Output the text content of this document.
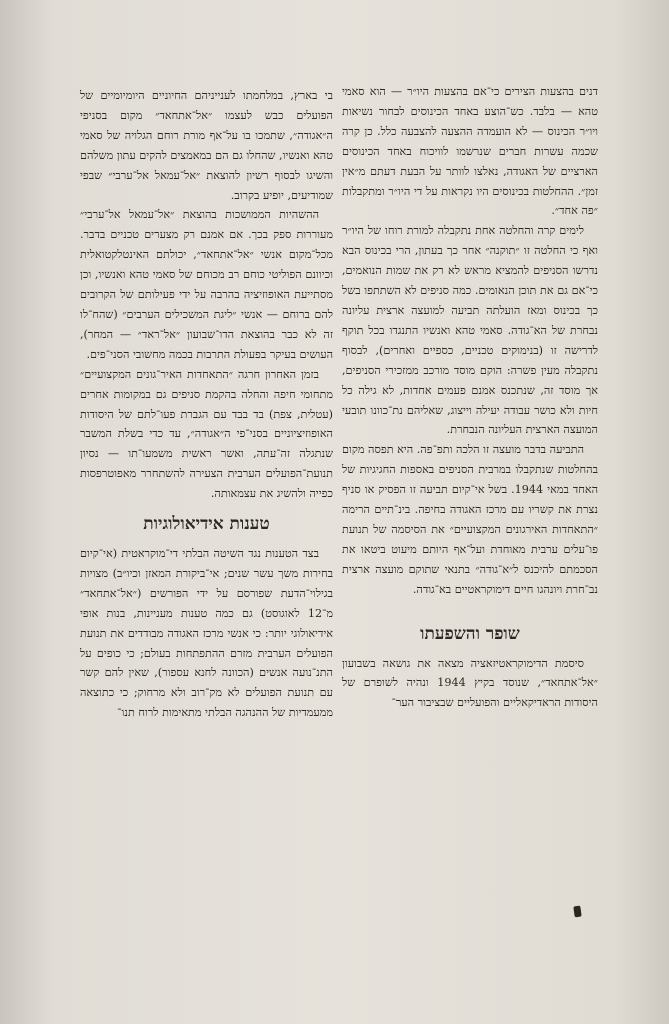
דנים בהצעות הצירים כי־אם בהצעות היו״ר — הוא סאמי טהא — בלבד. כש־הוצע באחד הכינוסים לבחור נשיאות ויו״ר הכינוס — לא הועמדה ההצעה להצבעה כלל. כן קרה שכמה עשרות חברים שנרשמו לוויכוח באחד הכינוסים הארציים של האגודה, נאלצו לוותר על הבעת דעתם מ״אין זמן״. ההחלטות בכינוסים היו נקראות על די היו״ר ומתקבלות ״פה אחד״.

לימים קרה והחלטה אחת נתקבלה למורת רוחו של היו״ר ואף כי החלטה זו ״תוקנה״ אחר כך בעתון, הרי בכינוס הבא נדרשו הסניפים להמציא מראש לא רק את שמות הנואמים, כי־אם גם את תוכן הנאומים. כמה סניפים לא השתתפו בשל כך בכינוס ומאז הועלתה תביעה למועצה ארצית עליונה נבחרת של הא־גודה. סאמי טהא ואנשיו התנגדו בכל תוקף לדרישה זו (בנימוקים טכניים, כספיים ואחרים), לבסוף נתקבלה מעין פשרה: הוקם מוסד מורכב ממזכירי הסניפים, אך מוסד זה, שנתכנס אמנם פעמים אחדות, לא גילה כל חיות ולא כושר עבודה יעילה וייצוג, שאליהם נת־כוונו תובעי המועצה הארצית העליונה הנבחרת.

התביעה בדבר מועצה זו הלכה ותפ־פה. היא תפסה מקום בהחלטות שנתקבלו במרבית הסניפים באספות החגיגיות של האחד במאי 1944. בשל אי־קיום תביעה זו הפסיק או סניף נצרת את קשריו עם מרכז האגודה בחיפה. בינ־תיים הרימה ״התאחדות האירגונים המקצועיים״ את הסיסמה של תנועת פו־עלים ערבית מאוחדת ועל־אף היותם מיעוט ביטאו את הסכמתם להיכנס ל״א־גודה״ בתנאי שתוקם מועצה ארצית נב־חרת ויונהגו חיים דימוקראטיים בא־גודה.

שופר והשפעתו

סיסמת הדימוקראטיזאציה מצאה את גושאה בשבועון ״אל־אתחאד״, שנוסד בקיץ 1944 ונהיה לשופרם של היסודות הראדיקאליים והפועליים שבציבור הער־

בי בארץ, במלחמתו לענייניהם החיוניים היומיומיים של הפועלים כבש לעצמו ״אל־אתחאד״ מקום בסניפי ה״אגודה״, שתמכו בו על־אף מורת רוחם הגלויה של סאמי טהא ואנשיו, שהחלו גם הם במאמצים להקים עתון משלהם והשיגו לבסוף רשיון להוצאת ״אל־עמאל אל־ערבי״ שבפי שמודיעים, יופיע בקרוב.

ההשהיות הממושכות בהוצאת ״אל־עמאל אל־ערבי״ מעוררות ספק בכך. אם אמנם רק מצערים טכניים בדבר. מכל־מקום אנשי ״אל־אתחאד״, יכולתם האינטלקטואלית וכיוונם הפוליטי כוחם רב מכוחם של סאמי טהא ואנשיו, וכן מסתייעת האופוזיציה בהרבה על ידי פעילותם של הקרובים להם ברוחם — אנשי ״ליגת המשכילים הערבים״ (שהח־לו זה לא כבר בהוצאת הדו־שבועון ״אל־ראד״ — המחר), העושים בעיקר בפעולת התרבות בכמה מחשובי הסני־פים.

בזמן האחרון חרגה ״התאחדות האיר־גונים המקצועיים״ מתחומי חיפה והחלה בהקמת סניפים גם במקומות אחרים (עטלית, צפת) בד בבד עם הגברת פעו־לתם של היסודות האופוזיציוניים בסני־פי ה״אגודה״, עד כדי בשלת המשבר שנתגלה זה־עתה, ואשר ראשית משמעו־תו — נסיון תנועת־הפועלים הערבית הצעירה להשתחרר מאפוטרפסות כפייה ולהשיג את עצמאותה.

טענות אידיאולוגיות

בצד הטענות נגד השיטה הבלתי די־מוקראטית (אי־קיום בחירות משך עשר שנים; אי־ביקורת המאזן וכיו״ב) מצויות בגילוי־הדעת שפורסם על ידי הפורשים (״אל־אתחאד״ מ־12 לאוגוסט) גם כמה טענות מעניינות, בנות אופי אידיאולוגי יותר: כי אנשי מרכז האגודה מבודדים את תנועת הפועלים הערבית מזרם ההתפתחות בעולם; כי כופים על התנ־נועה אנשים (הכוונה לחנא עספור), שאין להם קשר עם תנועת הפועלים לא מק־רוב ולא מרחוק; כי כתוצאה ממעמדיות של ההנהגה הבלתי מתאימות לרוח תנו־
